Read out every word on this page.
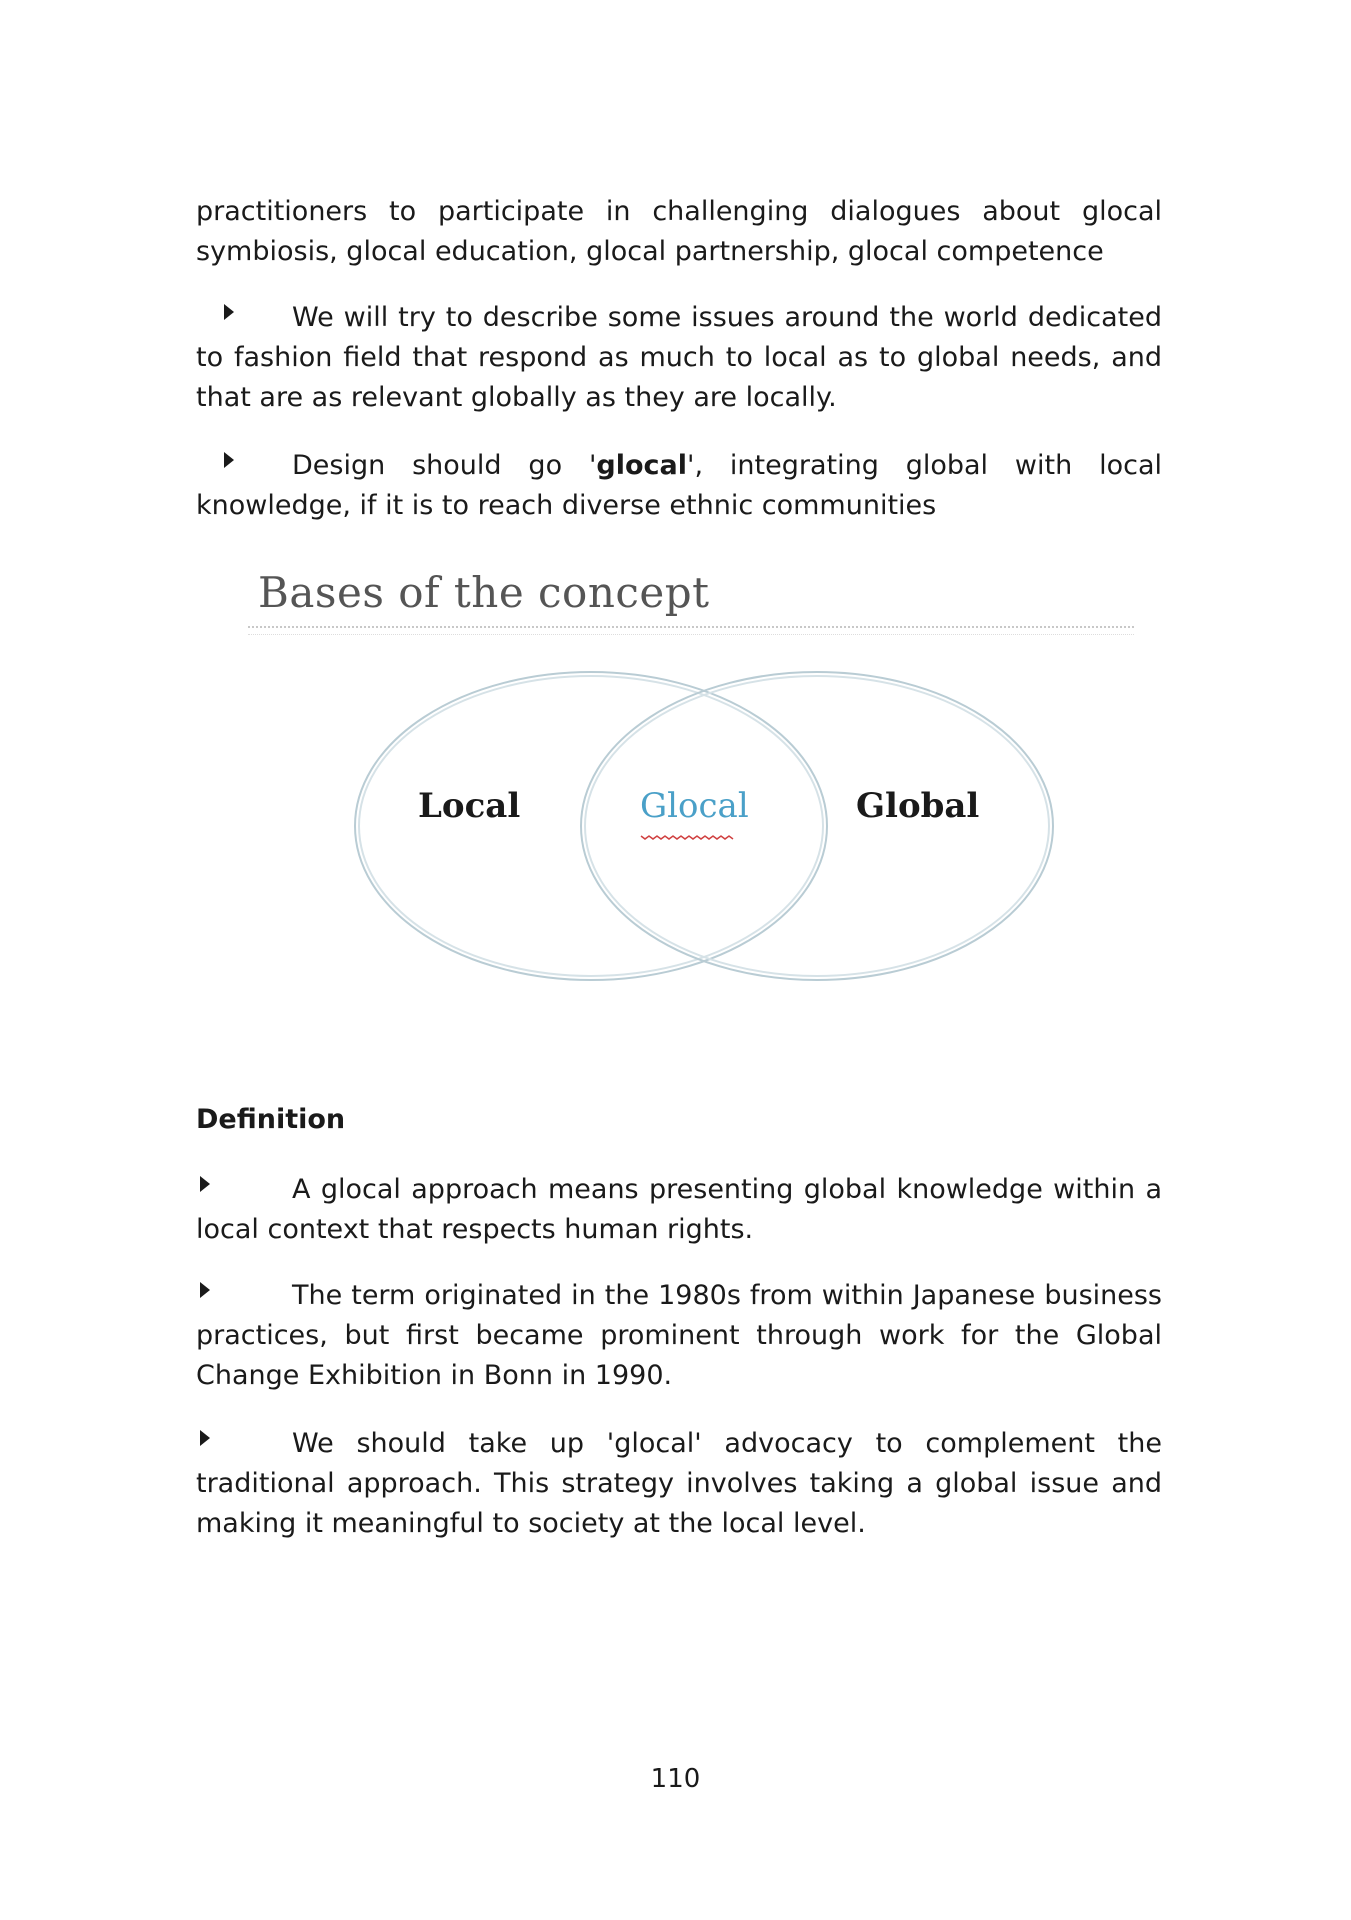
practitioners to participate in challenging dialogues about glocal symbiosis, glocal education, glocal partnership, glocal competence

We will try to describe some issues around the world dedicated to fashion field that respond as much to local as to global needs, and that are as relevant globally as they are locally.

Design should go 'glocal', integrating global with local knowledge, if it is to reach diverse ethnic communities

Bases of the concept
Local	Glocal	Global
Definition

A glocal approach means presenting global knowledge within a local context that respects human rights.

The term originated in the 1980s from within Japanese business practices, but first became prominent through work for the Global Change Exhibition in Bonn in 1990.

We should take up 'glocal' advocacy to complement the traditional approach. This strategy involves taking a global issue and making it meaningful to society at the local level.

110
